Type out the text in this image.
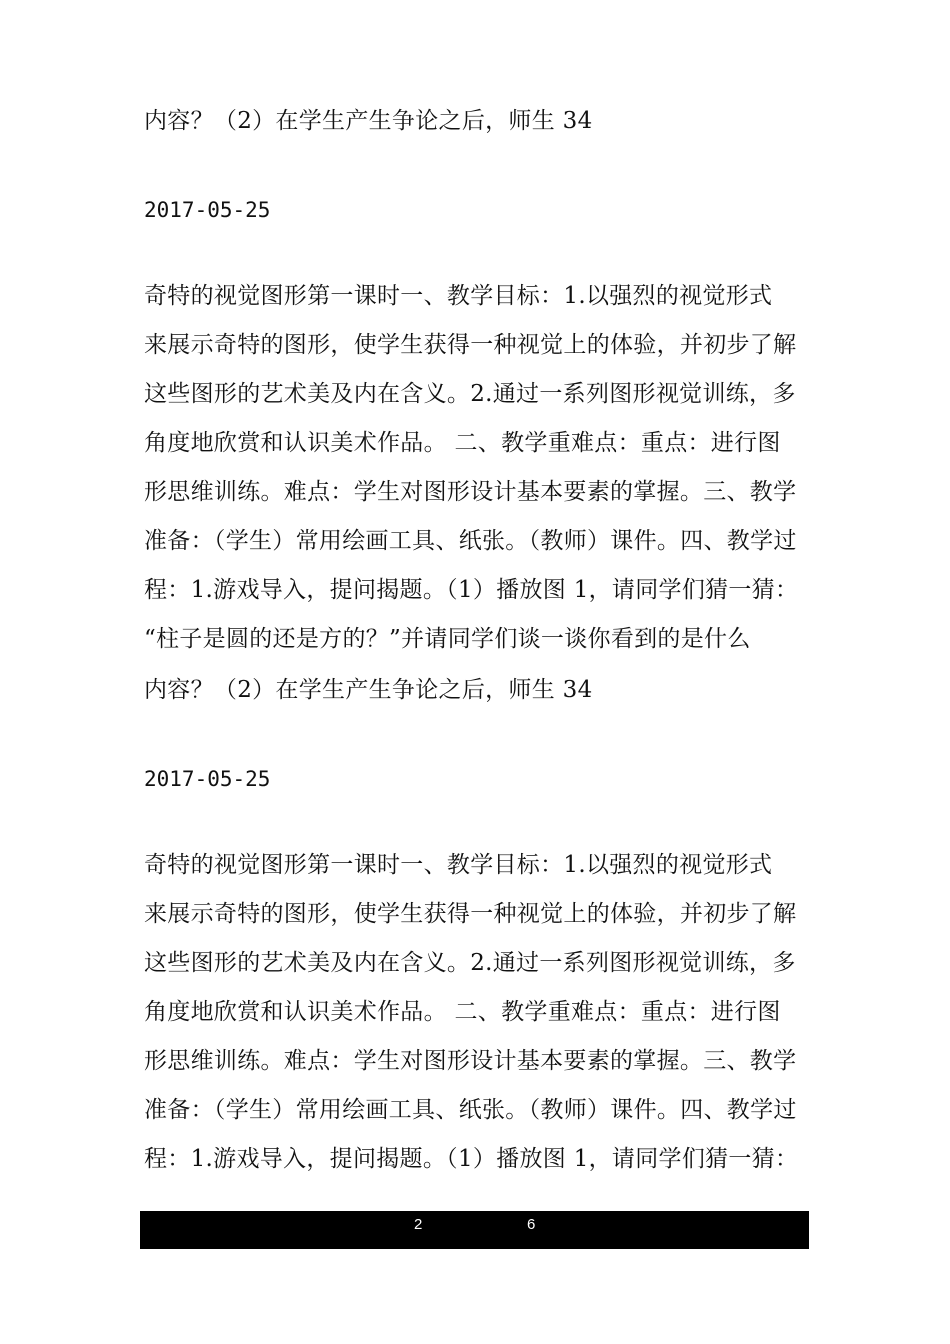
内容？（2）在学生产生争论之后，师生 34
2017-05-25
奇特的视觉图形第一课时一、教学目标：1.以强烈的视觉形式
来展示奇特的图形，使学生获得一种视觉上的体验，并初步了解
这些图形的艺术美及内在含义。2.通过一系列图形视觉训练，多
角度地欣赏和认识美术作品。 二、教学重难点：重点：进行图
形思维训练。难点：学生对图形设计基本要素的掌握。三、教学
准备：（学生）常用绘画工具、纸张。（教师）课件。四、教学过
程：1.游戏导入，提问揭题。（1）播放图 1，请同学们猜一猜：
“柱子是圆的还是方的？”并请同学们谈一谈你看到的是什么
内容？（2）在学生产生争论之后，师生 34
2017-05-25
奇特的视觉图形第一课时一、教学目标：1.以强烈的视觉形式
来展示奇特的图形，使学生获得一种视觉上的体验，并初步了解
这些图形的艺术美及内在含义。2.通过一系列图形视觉训练，多
角度地欣赏和认识美术作品。 二、教学重难点：重点：进行图
形思维训练。难点：学生对图形设计基本要素的掌握。三、教学
准备：（学生）常用绘画工具、纸张。（教师）课件。四、教学过
程：1.游戏导入，提问揭题。（1）播放图 1，请同学们猜一猜：
2	6
